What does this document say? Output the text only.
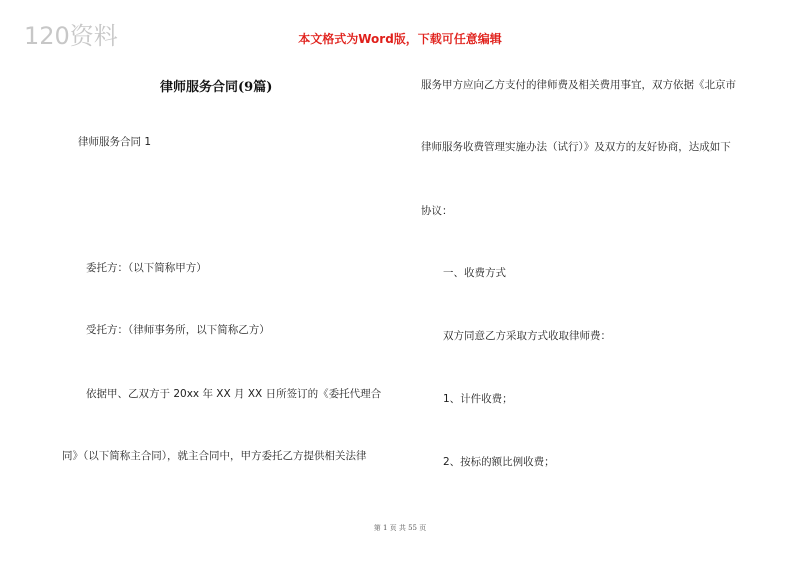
120资料	本文格式为Word版，下载可任意编辑
律师服务合同(9篇)
律师服务合同 1
委托方：（以下简称甲方）
受托方：（律师事务所，以下简称乙方）
依据甲、乙双方于 20xx 年 XX 月 XX 日所签订的《委托代理合
同》（以下简称主合同），就主合同中，甲方委托乙方提供相关法律
服务甲方应向乙方支付的律师费及相关费用事宜，双方依据《北京市
律师服务收费管理实施办法（试行）》及双方的友好协商，达成如下
协议：
一、收费方式
双方同意乙方采取方式收取律师费：
1、计件收费；
2、按标的额比例收费；
第 1 页 共 55 页
